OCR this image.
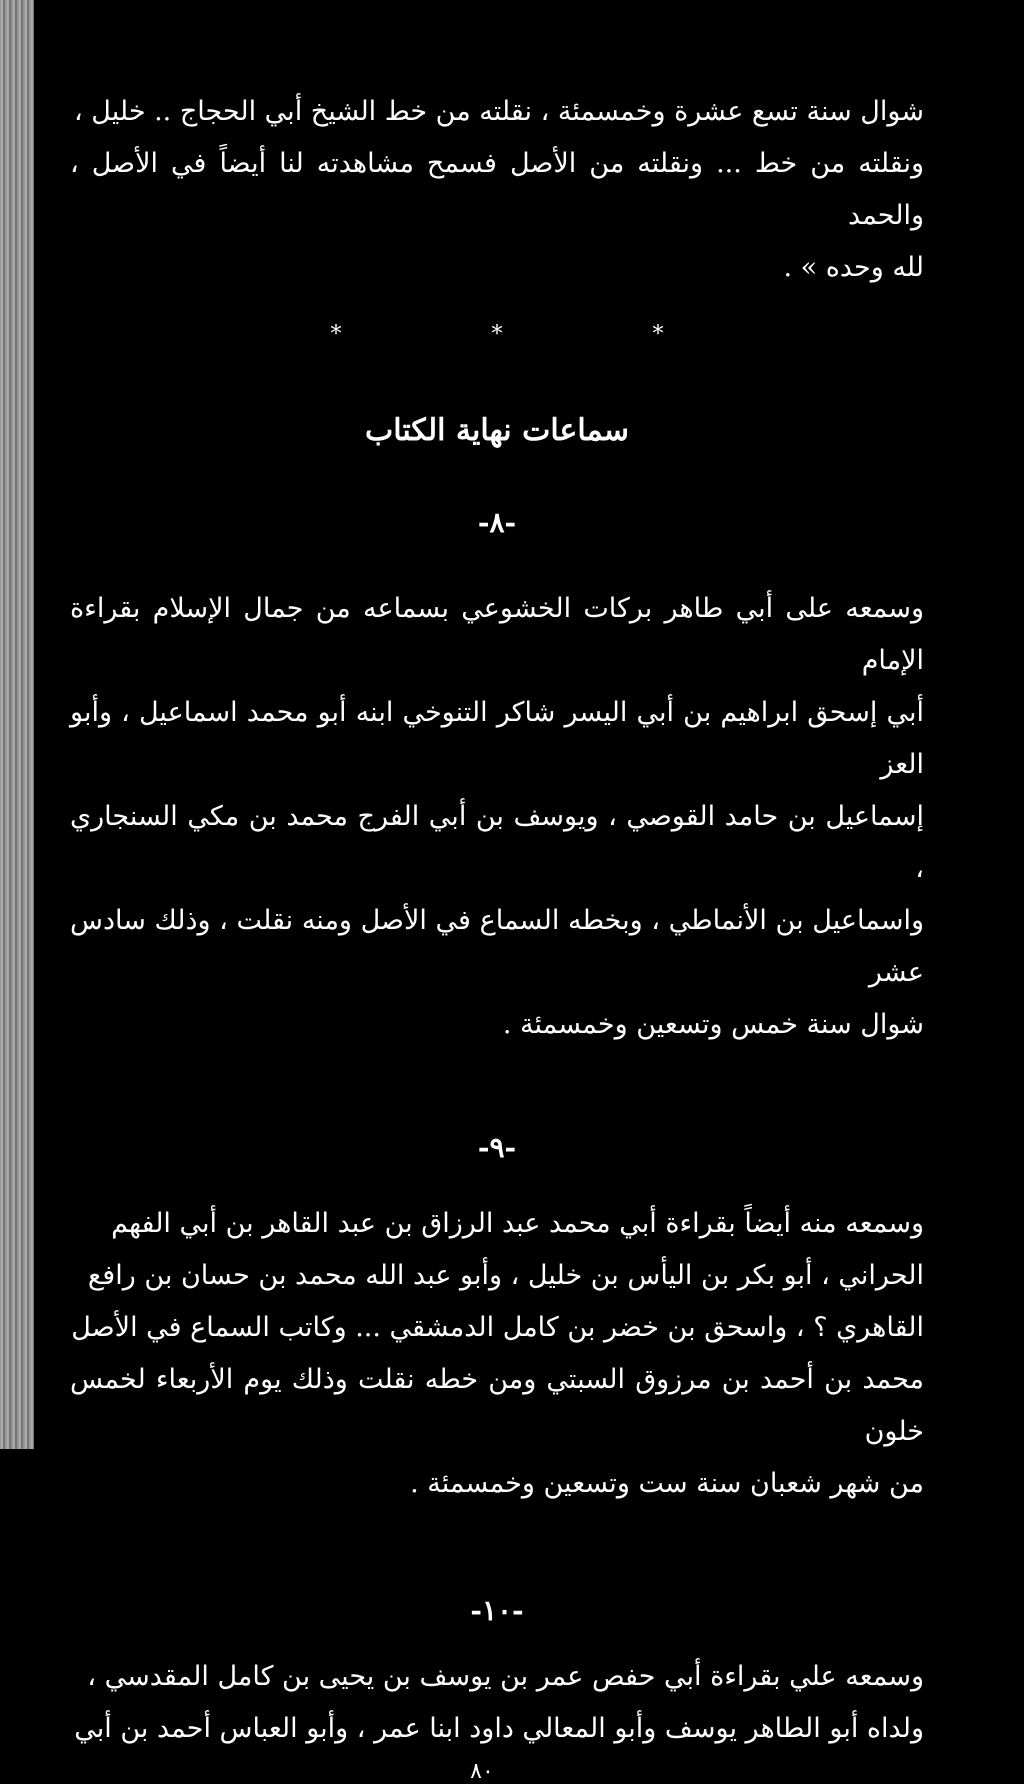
شوال سنة تسع عشرة وخمسمئة ، نقلته من خط الشيخ أبي الحجاج .. خليل ،
ونقلته من خط ... ونقلته من الأصل فسمح مشاهدته لنا أيضاً في الأصل ، والحمد
لله وحده » .
*
*
*
سماعات نهاية الكتاب
-٨-
وسمعه على أبي طاهر بركات الخشوعي بسماعه من جمال الإسلام بقراءة الإمام
أبي إسحق ابراهيم بن أبي اليسر شاكر التنوخي ابنه أبو محمد اسماعيل ، وأبو العز
إسماعيل بن حامد القوصي ، ويوسف بن أبي الفرج محمد بن مكي السنجاري ،
واسماعيل بن الأنماطي ، وبخطه السماع في الأصل ومنه نقلت ، وذلك سادس عشر
شوال سنة خمس وتسعين وخمسمئة .
-٩-
وسمعه منه أيضاً بقراءة أبي محمد عبد الرزاق بن عبد القاهر بن أبي الفهم
الحراني ، أبو بكر بن اليأس بن خليل ، وأبو عبد الله محمد بن حسان بن رافع
القاهري ؟ ، واسحق بن خضر بن كامل الدمشقي ... وكاتب السماع في الأصل
محمد بن أحمد بن مرزوق السبتي ومن خطه نقلت وذلك يوم الأربعاء لخمس خلون
من شهر شعبان سنة ست وتسعين وخمسمئة .
-١٠-
وسمعه علي بقراءة أبي حفص عمر بن يوسف بن يحيى بن كامل المقدسي ،
ولداه أبو الطاهر يوسف وأبو المعالي داود ابنا عمر ، وأبو العباس أحمد بن أبي
٨٠
